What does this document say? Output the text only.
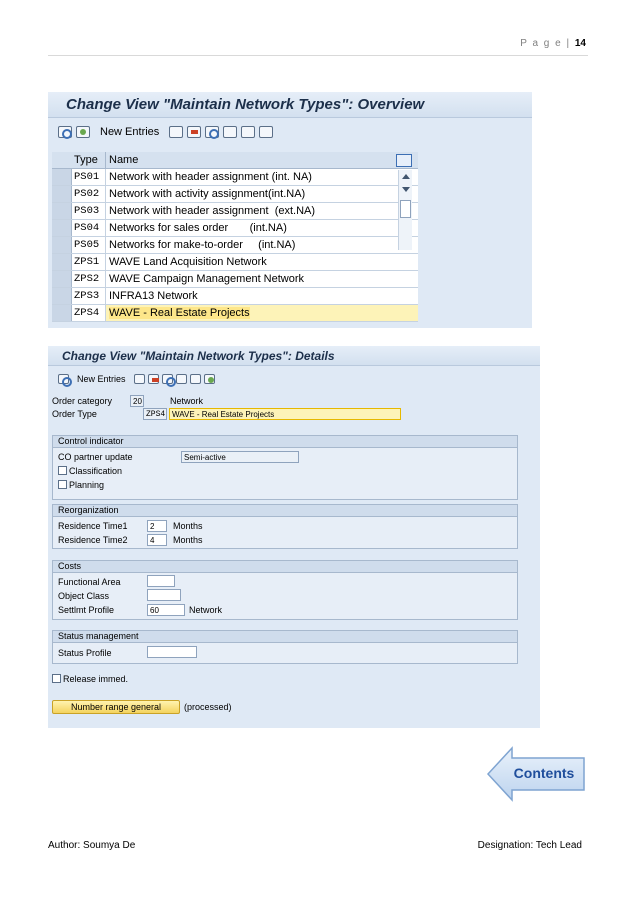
P a g e | 14
Change View "Maintain Network Types": Overview
New Entries
Type	Name
PS01 Network with header assignment (int. NA)
PS02 Network with activity assignment(int.NA)
PS03 Network with header assignment  (ext.NA)
PS04 Networks for sales order       (int.NA)
PS05 Networks for make-to-order     (int.NA)
ZPS1 WAVE Land Acquisition Network
ZPS2 WAVE Campaign Management Network
ZPS3 INFRA13 Network
ZPS4 WAVE - Real Estate Projects
Change View "Maintain Network Types": Details
New Entries
Order category	20	Network
Order Type	ZPS4 WAVE - Real Estate Projects
Control indicator
CO partner update	Semi-active
Classification
Planning
Reorganization
Residence Time1	2	Months
Residence Time2	4	Months
Costs
Functional Area
Object Class
Settlmt Profile	60	Network
Status management
Status Profile
Release immed.
Number range general	(processed)
Contents
Author: Soumya De	Designation: Tech Lead
